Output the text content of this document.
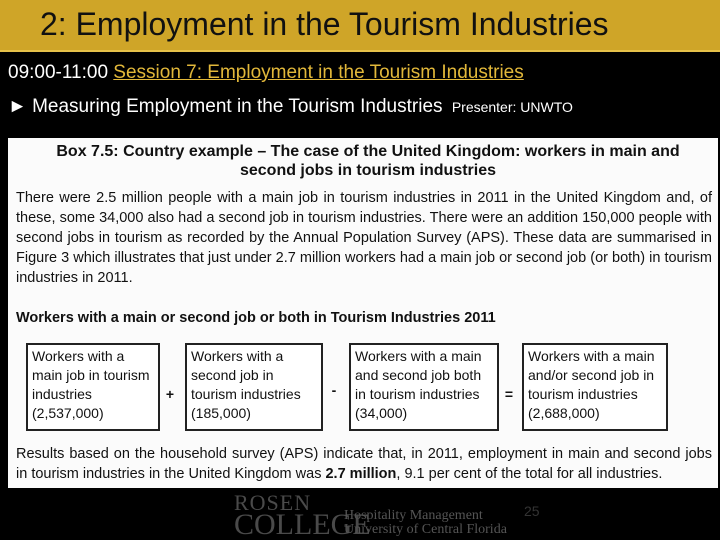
2: Employment in the Tourism Industries
09:00-11:00 Session 7: Employment in the Tourism Industries
► Measuring Employment in the Tourism Industries Presenter: UNWTO
Box 7.5: Country example – The case of the United Kingdom: workers in main and second jobs in tourism industries
There were 2.5 million people with a main job in tourism industries in 2011 in the United Kingdom and, of these, some 34,000 also had a second job in tourism industries. There were an addition 150,000 people with second jobs in tourism as recorded by the Annual Population Survey (APS). These data are summarised in Figure 3 which illustrates that just under 2.7 million workers had a main job or second job (or both) in tourism industries in 2011.
Workers with a main or second job or both in Tourism Industries 2011
Workers with a main job in tourism industries
(2,537,000)
+
Workers with a second job in tourism industries
(185,000)
-
Workers with a main and second job both in tourism industries
(34,000)
=
Workers with a main and/or second job in tourism industries
(2,688,000)
Results based on the household survey (APS) indicate that, in 2011, employment in main and second jobs in tourism industries in the United Kingdom was 2.7 million, 9.1 per cent of the total for all industries.
ROSEN
COLLEGE
Hospitality Management
University of Central Florida
25
